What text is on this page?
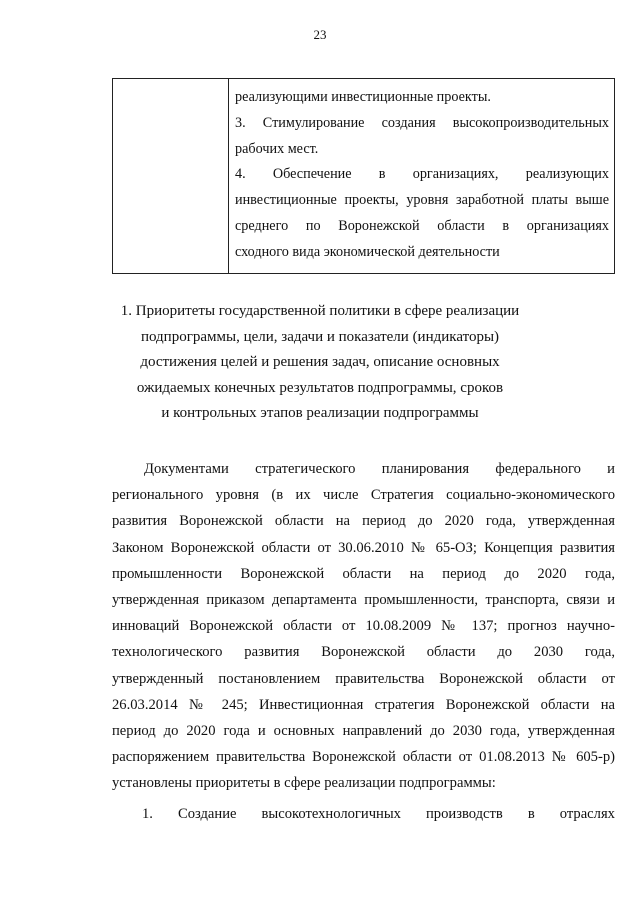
23
реализующими инвестиционные проекты.
3. Стимулирование создания высокопроизводительных
рабочих мест.
4. Обеспечение в организациях, реализующих
инвестиционные проекты, уровня заработной платы выше
среднего по Воронежской области в организациях
сходного вида экономической деятельности
1. Приоритеты государственной политики в сфере реализации
подпрограммы, цели, задачи и показатели (индикаторы)
достижения целей и решения задач, описание основных
ожидаемых конечных результатов подпрограммы, сроков
и контрольных этапов реализации подпрограммы
Документами стратегического планирования федерального и
регионального уровня (в их числе Стратегия социально-экономического
развития Воронежской области на период до 2020 года, утвержденная
Законом Воронежской области от 30.06.2010 № 65-ОЗ; Концепция развития
промышленности Воронежской области на период до 2020 года,
утвержденная приказом департамента промышленности, транспорта, связи и
инноваций Воронежской области от 10.08.2009 № 137; прогноз научно-
технологического развития Воронежской области до 2030 года,
утвержденный постановлением правительства Воронежской области от
26.03.2014 № 245; Инвестиционная стратегия Воронежской области на
период до 2020 года и основных направлений до 2030 года, утвержденная
распоряжением правительства Воронежской области от 01.08.2013 № 605-р)
установлены приоритеты в сфере реализации подпрограммы:
1. Создание высокотехнологичных производств в отраслях
